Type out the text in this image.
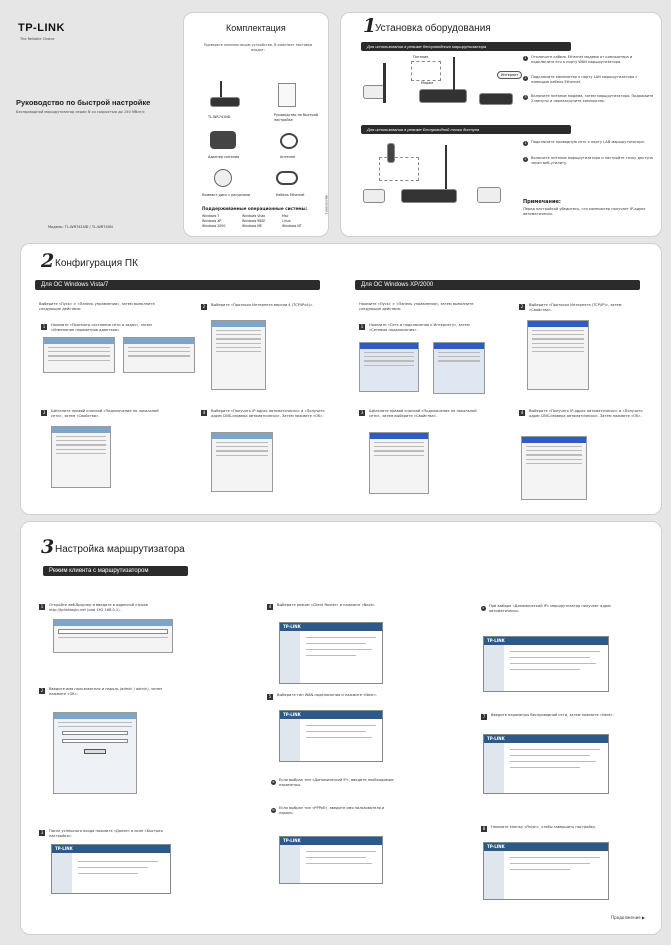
TP-LINK
The Reliable Choice
Руководство по быстрой настройке
Беспроводной маршрутизатор серии N со скоростью до 150 Мбит/с
Модель: TL-WR741ND / TL-WR740N
Комплектация
Проверьте комплектацию устройства. В комплект поставки входит:
TL-WR741ND	Руководство по быстрой настройке
Адаптер питания	Антенна
Компакт-диск с ресурсами	Кабель Ethernet
Поддерживаемые операционные системы:
Windows 7	Windows Vista	Mac
Windows XP	Windows 98SE	Linux
Windows 2000	Windows ME	Windows NT
7106503798
1
Установка оборудования
Для использования в режиме беспроводного маршрутизатора
Питание
Интернет
Модем
1	Отключите кабель Ethernet модема от компьютера и подключите его к порту WAN маршрутизатора.
2	Подключите компьютер к порту LAN маршрутизатора с помощью кабеля Ethernet.
3	Включите питание модема, затем маршрутизатора. Подождите 2 минуты и перезагрузите компьютер.
Для использования в режиме Беспроводной точки доступа
1	Подключите проводную сеть к порту LAN маршрутизатора.
2	Включите питание маршрутизатора и настройте точку доступа через веб-утилиту.
Примечание:
Перед настройкой убедитесь, что компьютер получает IP-адрес автоматически.
2 Конфигурация ПК
Для ОС Windows Vista/7	Для ОС Windows XP/2000
Выберите «Пуск» > «Панель управления», затем выполните следующие действия:
Нажмите «Пуск» > «Панель управления», затем выполните следующие действия:
1	Нажмите «Просмотр состояния сети и задач», затем «Изменение параметров адаптера».
2	Выберите «Протокол Интернета версии 4 (TCP/IPv4)».
3	Щёлкните правой кнопкой «Подключение по локальной сети», затем «Свойства».
4	Выберите «Получить IP-адрес автоматически» и «Получить адрес DNS-сервера автоматически». Затем нажмите «OK».
1	Нажмите «Сеть и подключения к Интернету», затем «Сетевые подключения».
2	Выберите «Протокол Интернета (TCP/IP)», затем «Свойства».
3	Щёлкните правой кнопкой «Подключение по локальной сети», затем выберите «Свойства».
4	Выберите «Получить IP-адрес автоматически» и «Получить адрес DNS-сервера автоматически». Затем нажмите «OK».
3 Настройка маршрутизатора
Режим клиента с маршрутизатором
1	Откройте веб-браузер и введите в адресной строке http://tplinklogin.net (или 192.168.0.1).
2	Введите имя пользователя и пароль (admin / admin), затем нажмите «OK».
3	После успешного входа нажмите «Далее» в окне «Быстрая настройка».
TP-LINK
4	Выберите режим «Client Router» и нажмите «Next».
TP-LINK
5	Выберите тип WAN-подключения и нажмите «Next».
TP-LINK
a	Если выбран тип «Динамический IP», введите необходимые параметры.
b	Если выбран тип «PPPoE», введите имя пользователя и пароль.
TP-LINK
c	При выборе «Динамический IP» маршрутизатор получает адрес автоматически.
TP-LINK
7	Введите параметры беспроводной сети, затем нажмите «Next».
TP-LINK
8	Нажмите кнопку «Finish», чтобы завершить настройку.
TP-LINK
Продолжение ▶
